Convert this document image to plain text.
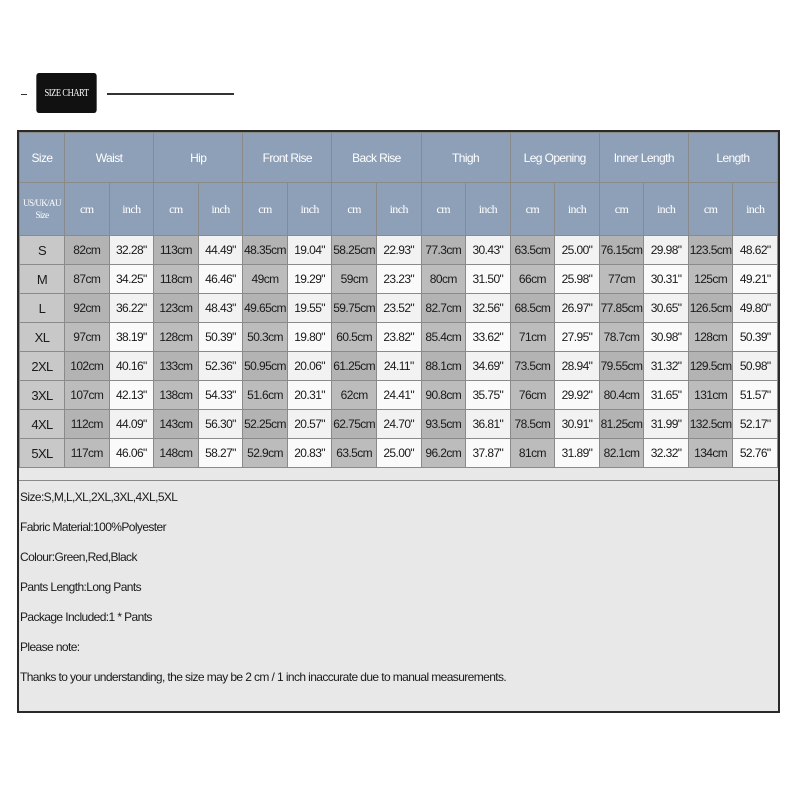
SIZE CHART
Size	Waist		Hip		Front Rise		Back Rise		Thigh		Leg Opening		Inner Length		Length	
US/UK/AU Size	cm	inch	cm	inch	cm	inch	cm	inch	cm	inch	cm	inch	cm	inch	cm	inch
S	82cm	32.28"	113cm	44.49"	48.35cm	19.04"	58.25cm	22.93"	77.3cm	30.43"	63.5cm	25.00"	76.15cm	29.98"	123.5cm	48.62"
M	87cm	34.25"	118cm	46.46"	49cm	19.29"	59cm	23.23"	80cm	31.50"	66cm	25.98"	77cm	30.31"	125cm	49.21"
L	92cm	36.22"	123cm	48.43"	49.65cm	19.55"	59.75cm	23.52"	82.7cm	32.56"	68.5cm	26.97"	77.85cm	30.65"	126.5cm	49.80"
XL	97cm	38.19"	128cm	50.39"	50.3cm	19.80"	60.5cm	23.82"	85.4cm	33.62"	71cm	27.95"	78.7cm	30.98"	128cm	50.39"
2XL	102cm	40.16"	133cm	52.36"	50.95cm	20.06"	61.25cm	24.11"	88.1cm	34.69"	73.5cm	28.94"	79.55cm	31.32"	129.5cm	50.98"
3XL	107cm	42.13"	138cm	54.33"	51.6cm	20.31"	62cm	24.41"	90.8cm	35.75"	76cm	29.92"	80.4cm	31.65"	131cm	51.57"
4XL	112cm	44.09"	143cm	56.30"	52.25cm	20.57"	62.75cm	24.70"	93.5cm	36.81"	78.5cm	30.91"	81.25cm	31.99"	132.5cm	52.17"
5XL	117cm	46.06"	148cm	58.27"	52.9cm	20.83"	63.5cm	25.00"	96.2cm	37.87"	81cm	31.89"	82.1cm	32.32"	134cm	52.76"
Size:S,M,L,XL,2XL,3XL,4XL,5XL
Fabric Material:100%Polyester
Colour:Green,Red,Black
Pants Length:Long Pants
Package Included:1 * Pants
Please note:
Thanks to your understanding, the size may be 2 cm / 1 inch inaccurate due to manual measurements.
